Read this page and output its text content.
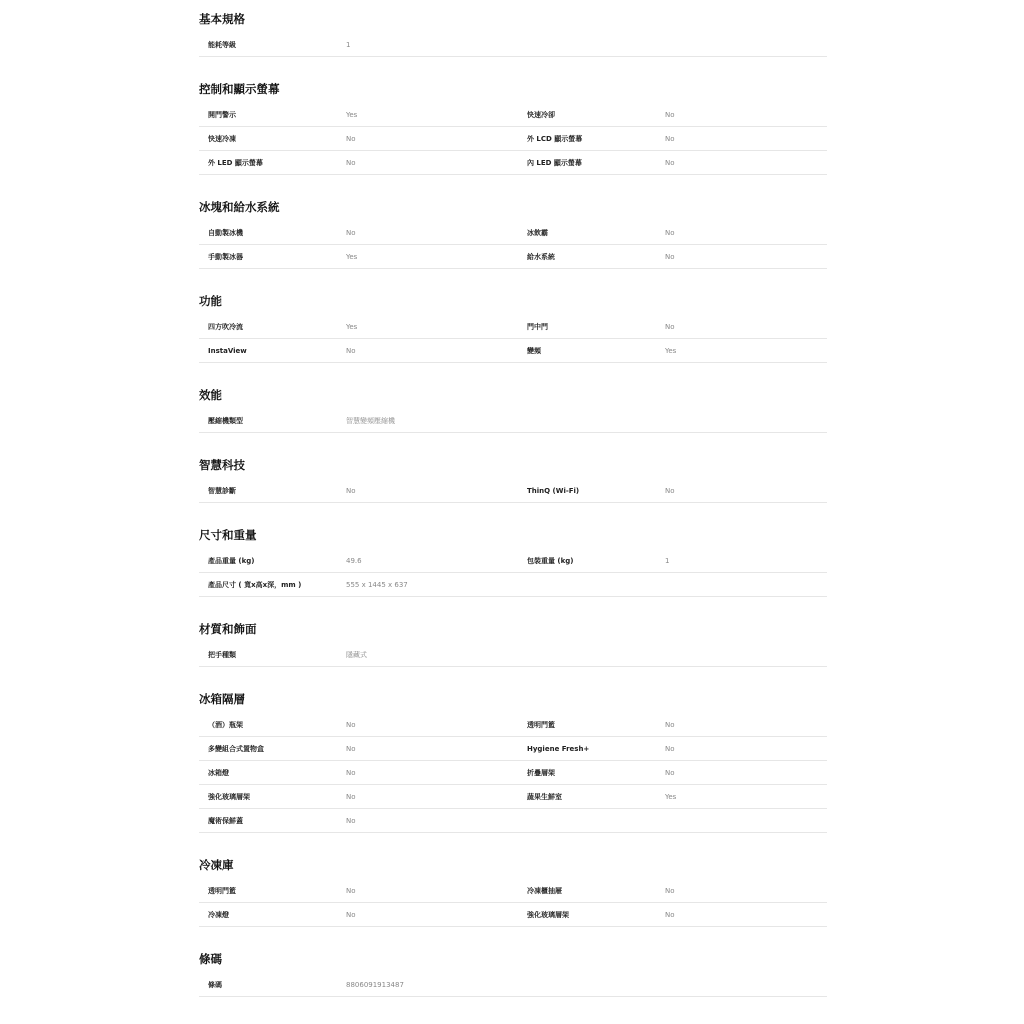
基本規格
能耗等級	1
控制和顯示螢幕
開門警示	Yes	快速冷卻	No
快速冷凍	No	外 LCD 顯示螢幕	No
外 LED 顯示螢幕	No	內 LED 顯示螢幕	No
冰塊和給水系統
自動製冰機	No	冰飲霸	No
手動製冰器	Yes	給水系統	No
功能
四方吹冷流	Yes	門中門	No
InstaView	No	變頻	Yes
效能
壓縮機類型	智慧變頻壓縮機
智慧科技
智慧診斷	No	ThinQ (Wi-Fi)	No
尺寸和重量
產品重量 (kg)	49.6	包裝重量 (kg)	1
產品尺寸 ( 寬x高x深，mm )	555 x 1445 x 637
材質和飾面
把手種類	隱藏式
冰箱隔層
（酒）瓶架	No	透明門籃	No
多變組合式置物盒	No	Hygiene Fresh+	No
冰箱燈	No	折疊層架	No
強化玻璃層架	No	蔬果生鮮室	Yes
魔術保鮮蓋	No
冷凍庫
透明門籃	No	冷凍櫃抽屜	No
冷凍燈	No	強化玻璃層架	No
條碼
條碼	8806091913487
